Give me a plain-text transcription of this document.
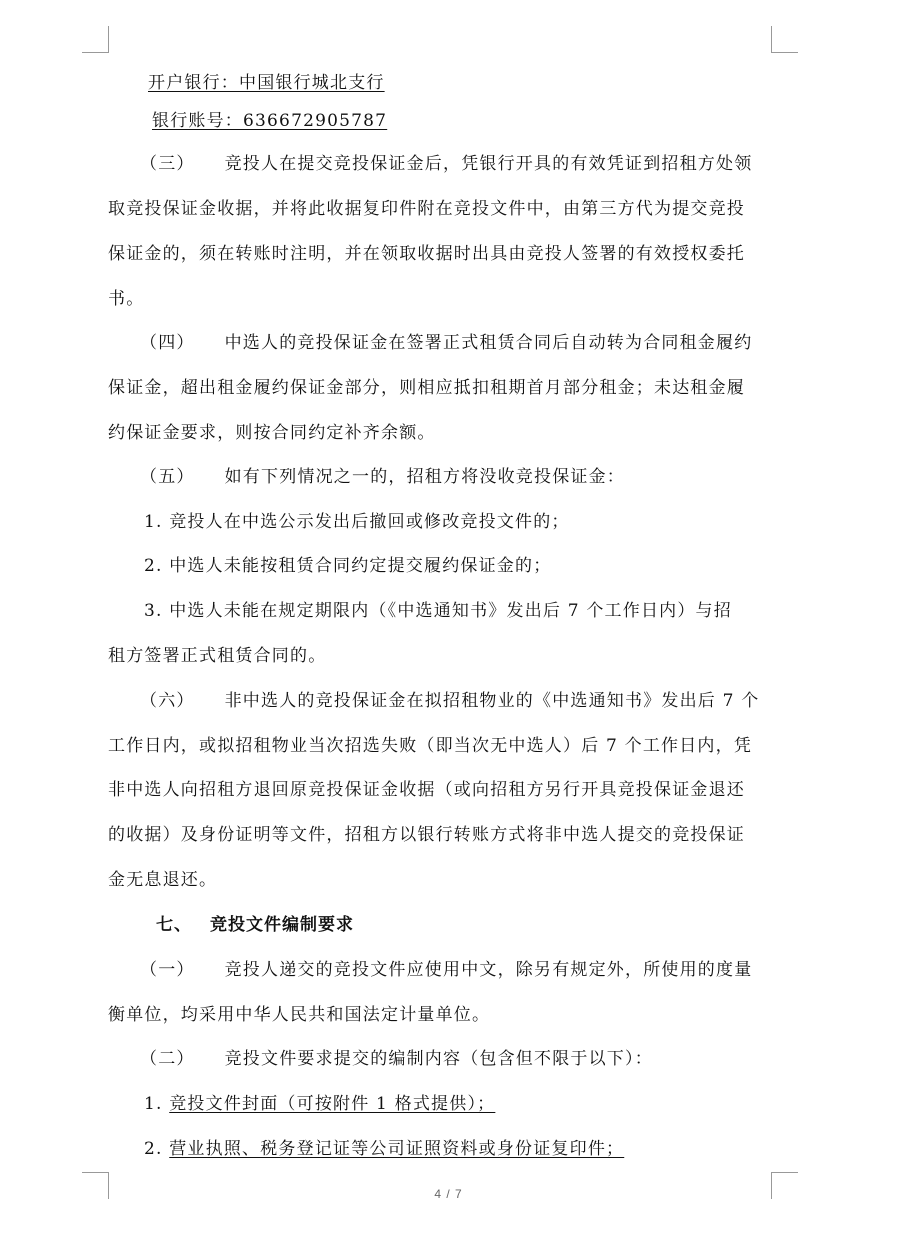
开户银行：中国银行城北支行
银行账号：636672905787
（三） 竞投人在提交竞投保证金后，凭银行开具的有效凭证到招租方处领
取竞投保证金收据，并将此收据复印件附在竞投文件中，由第三方代为提交竞投
保证金的，须在转账时注明，并在领取收据时出具由竞投人签署的有效授权委托
书。
（四） 中选人的竞投保证金在签署正式租赁合同后自动转为合同租金履约
保证金，超出租金履约保证金部分，则相应抵扣租期首月部分租金；未达租金履
约保证金要求，则按合同约定补齐余额。
（五） 如有下列情况之一的，招租方将没收竞投保证金：
1. 竞投人在中选公示发出后撤回或修改竞投文件的；
2. 中选人未能按租赁合同约定提交履约保证金的；
3. 中选人未能在规定期限内（《中选通知书》发出后 7 个工作日内）与招
租方签署正式租赁合同的。
（六） 非中选人的竞投保证金在拟招租物业的《中选通知书》发出后 7 个
工作日内，或拟招租物业当次招选失败（即当次无中选人）后 7 个工作日内，凭
非中选人向招租方退回原竞投保证金收据（或向招租方另行开具竞投保证金退还
的收据）及身份证明等文件，招租方以银行转账方式将非中选人提交的竞投保证
金无息退还。
七、 竞投文件编制要求
（一） 竞投人递交的竞投文件应使用中文，除另有规定外，所使用的度量
衡单位，均采用中华人民共和国法定计量单位。
（二） 竞投文件要求提交的编制内容（包含但不限于以下）：
1. 竞投文件封面（可按附件 1 格式提供）；
2. 营业执照、税务登记证等公司证照资料或身份证复印件；
4 / 7
